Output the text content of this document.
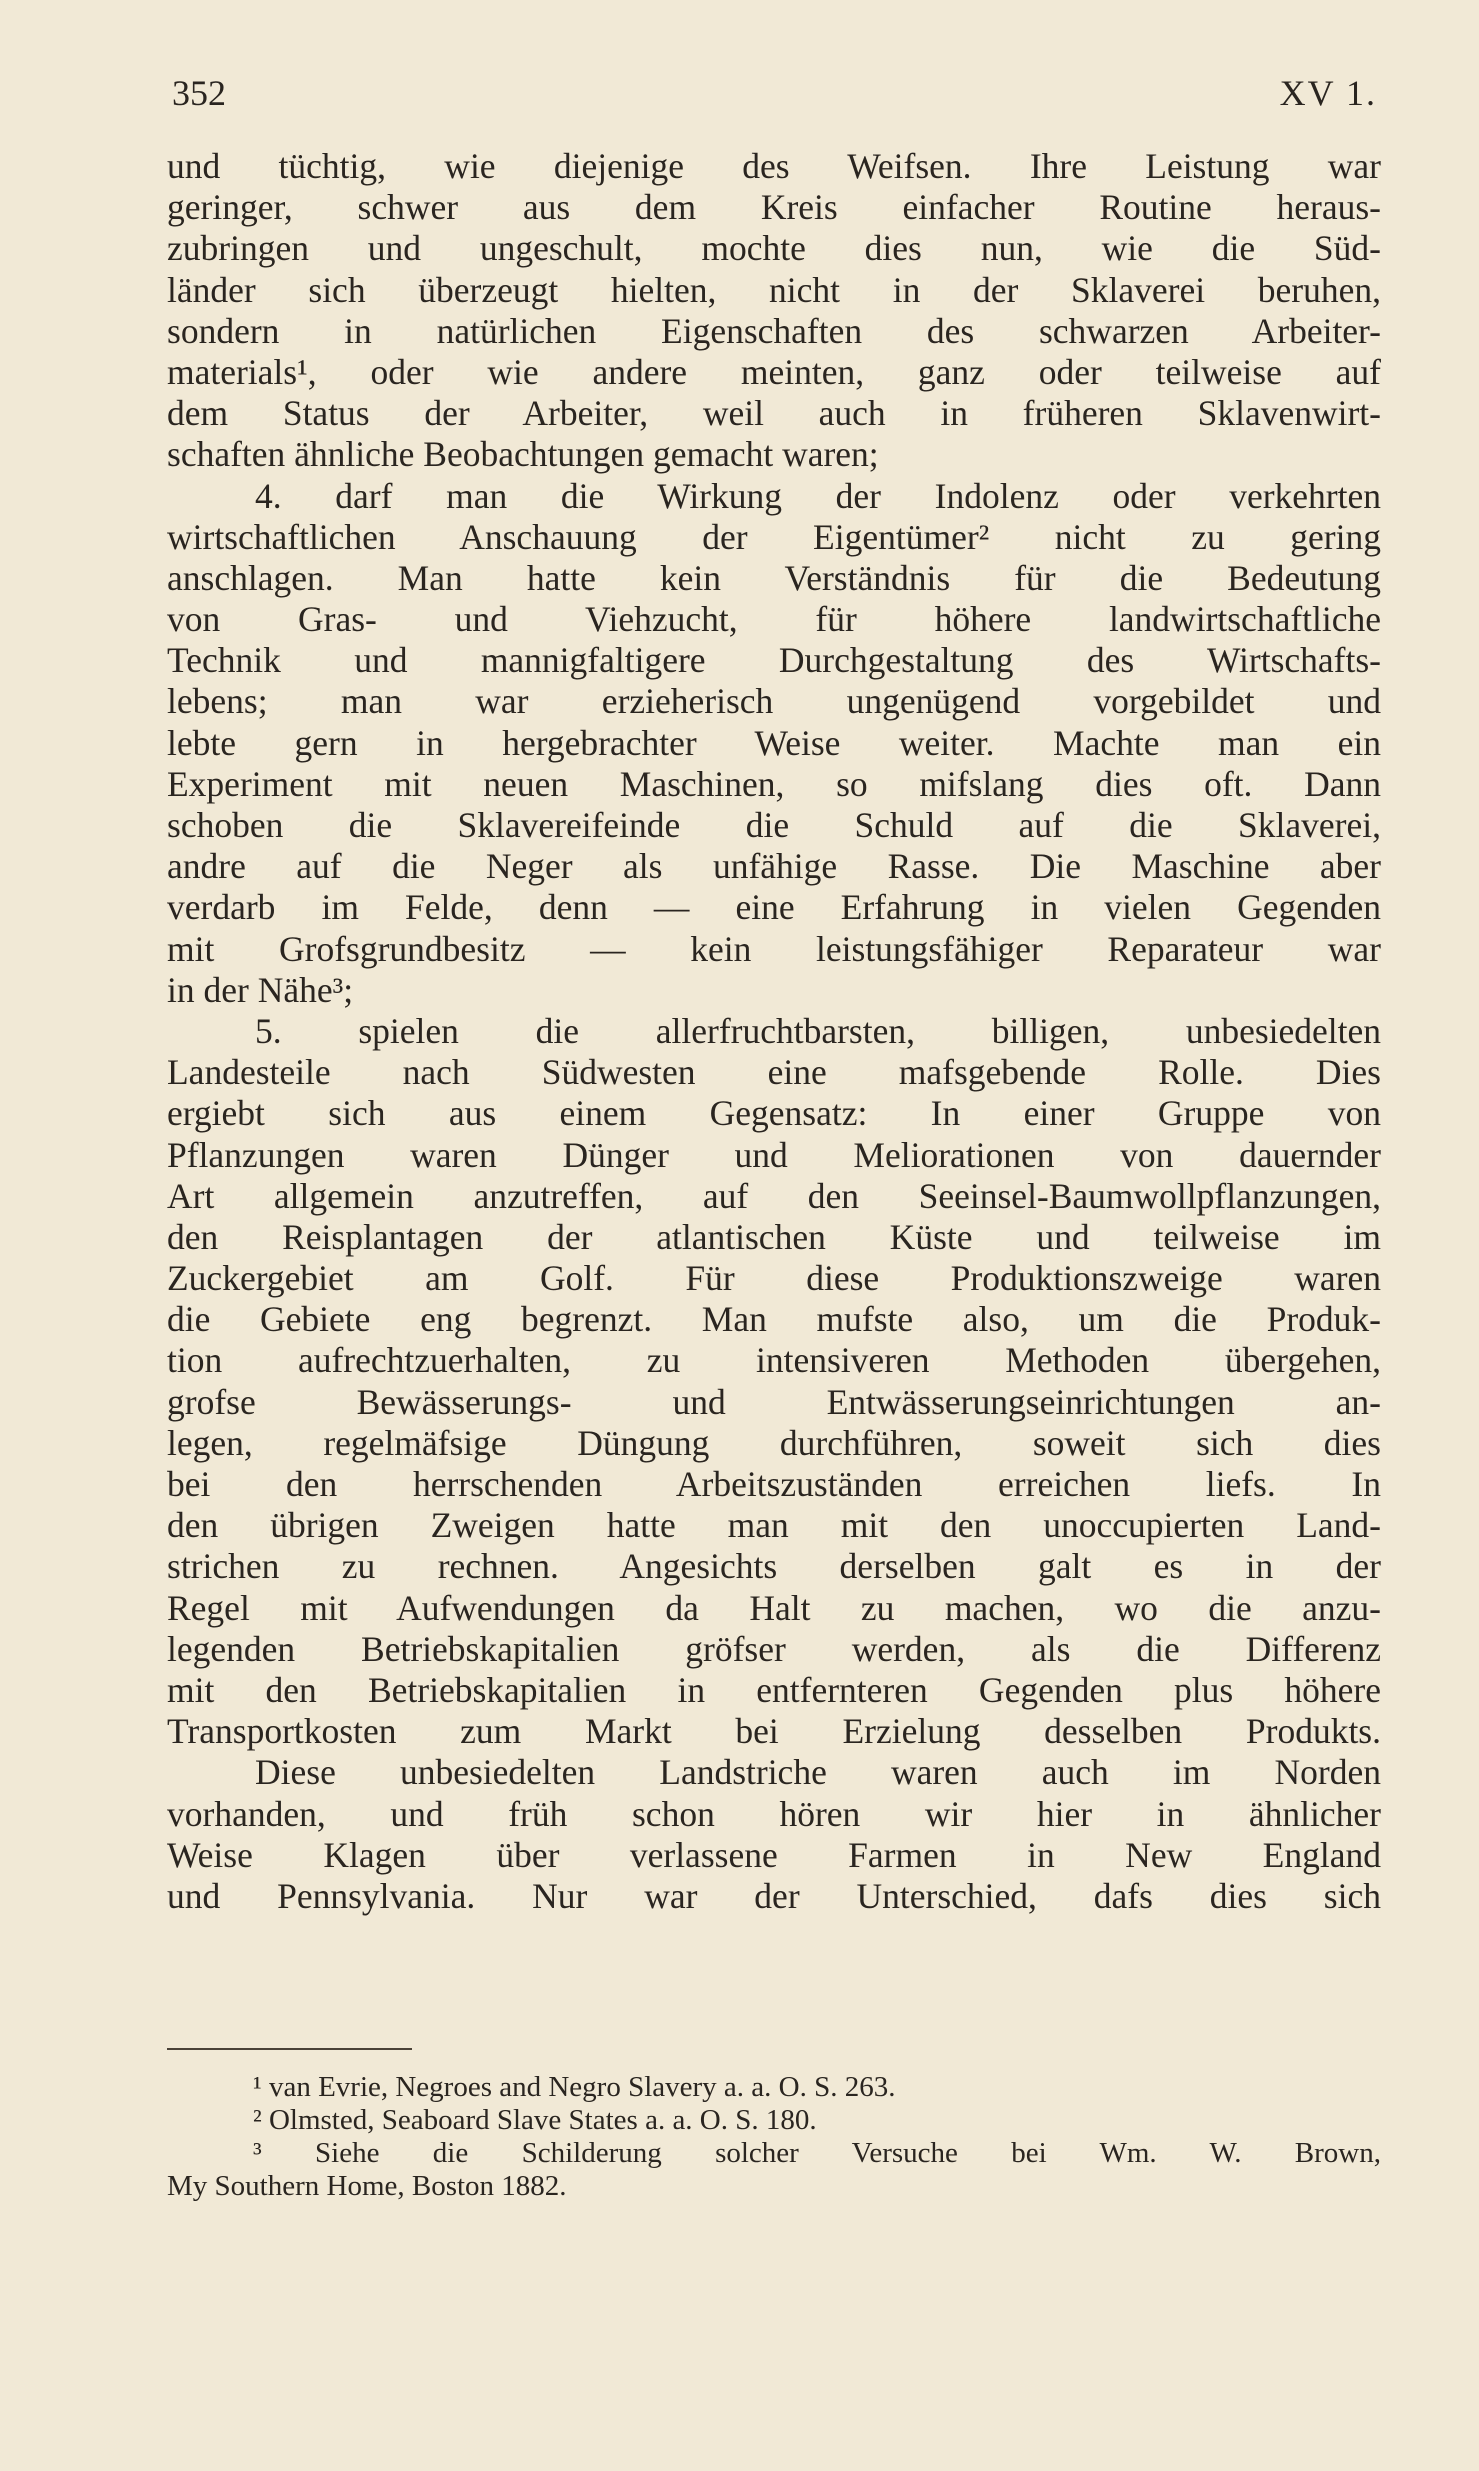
352	XV 1.
und tüchtig, wie diejenige des Weifsen. Ihre Leistung war
geringer, schwer aus dem Kreis einfacher Routine heraus-
zubringen und ungeschult, mochte dies nun, wie die Süd-
länder sich überzeugt hielten, nicht in der Sklaverei beruhen,
sondern in natürlichen Eigenschaften des schwarzen Arbeiter-
materials¹, oder wie andere meinten, ganz oder teilweise auf
dem Status der Arbeiter, weil auch in früheren Sklavenwirt-
schaften ähnliche Beobachtungen gemacht waren;
4. darf man die Wirkung der Indolenz oder verkehrten
wirtschaftlichen Anschauung der Eigentümer² nicht zu gering
anschlagen. Man hatte kein Verständnis für die Bedeutung
von Gras- und Viehzucht, für höhere landwirtschaftliche
Technik und mannigfaltigere Durchgestaltung des Wirtschafts-
lebens; man war erzieherisch ungenügend vorgebildet und
lebte gern in hergebrachter Weise weiter. Machte man ein
Experiment mit neuen Maschinen, so mifslang dies oft. Dann
schoben die Sklavereifeinde die Schuld auf die Sklaverei,
andre auf die Neger als unfähige Rasse. Die Maschine aber
verdarb im Felde, denn — eine Erfahrung in vielen Gegenden
mit Grofsgrundbesitz — kein leistungsfähiger Reparateur war
in der Nähe³;
5. spielen die allerfruchtbarsten, billigen, unbesiedelten
Landesteile nach Südwesten eine mafsgebende Rolle. Dies
ergiebt sich aus einem Gegensatz: In einer Gruppe von
Pflanzungen waren Dünger und Meliorationen von dauernder
Art allgemein anzutreffen, auf den Seeinsel-Baumwollpflanzungen,
den Reisplantagen der atlantischen Küste und teilweise im
Zuckergebiet am Golf. Für diese Produktionszweige waren
die Gebiete eng begrenzt. Man mufste also, um die Produk-
tion aufrechtzuerhalten, zu intensiveren Methoden übergehen,
grofse Bewässerungs- und Entwässerungseinrichtungen an-
legen, regelmäfsige Düngung durchführen, soweit sich dies
bei den herrschenden Arbeitszuständen erreichen liefs. In
den übrigen Zweigen hatte man mit den unoccupierten Land-
strichen zu rechnen. Angesichts derselben galt es in der
Regel mit Aufwendungen da Halt zu machen, wo die anzu-
legenden Betriebskapitalien gröfser werden, als die Differenz
mit den Betriebskapitalien in entfernteren Gegenden plus höhere
Transportkosten zum Markt bei Erzielung desselben Produkts.
Diese unbesiedelten Landstriche waren auch im Norden
vorhanden, und früh schon hören wir hier in ähnlicher
Weise Klagen über verlassene Farmen in New England
und Pennsylvania. Nur war der Unterschied, dafs dies sich
¹ van Evrie, Negroes and Negro Slavery a. a. O. S. 263.
² Olmsted, Seaboard Slave States a. a. O. S. 180.
³ Siehe die Schilderung solcher Versuche bei Wm. W. Brown,
My Southern Home, Boston 1882.
